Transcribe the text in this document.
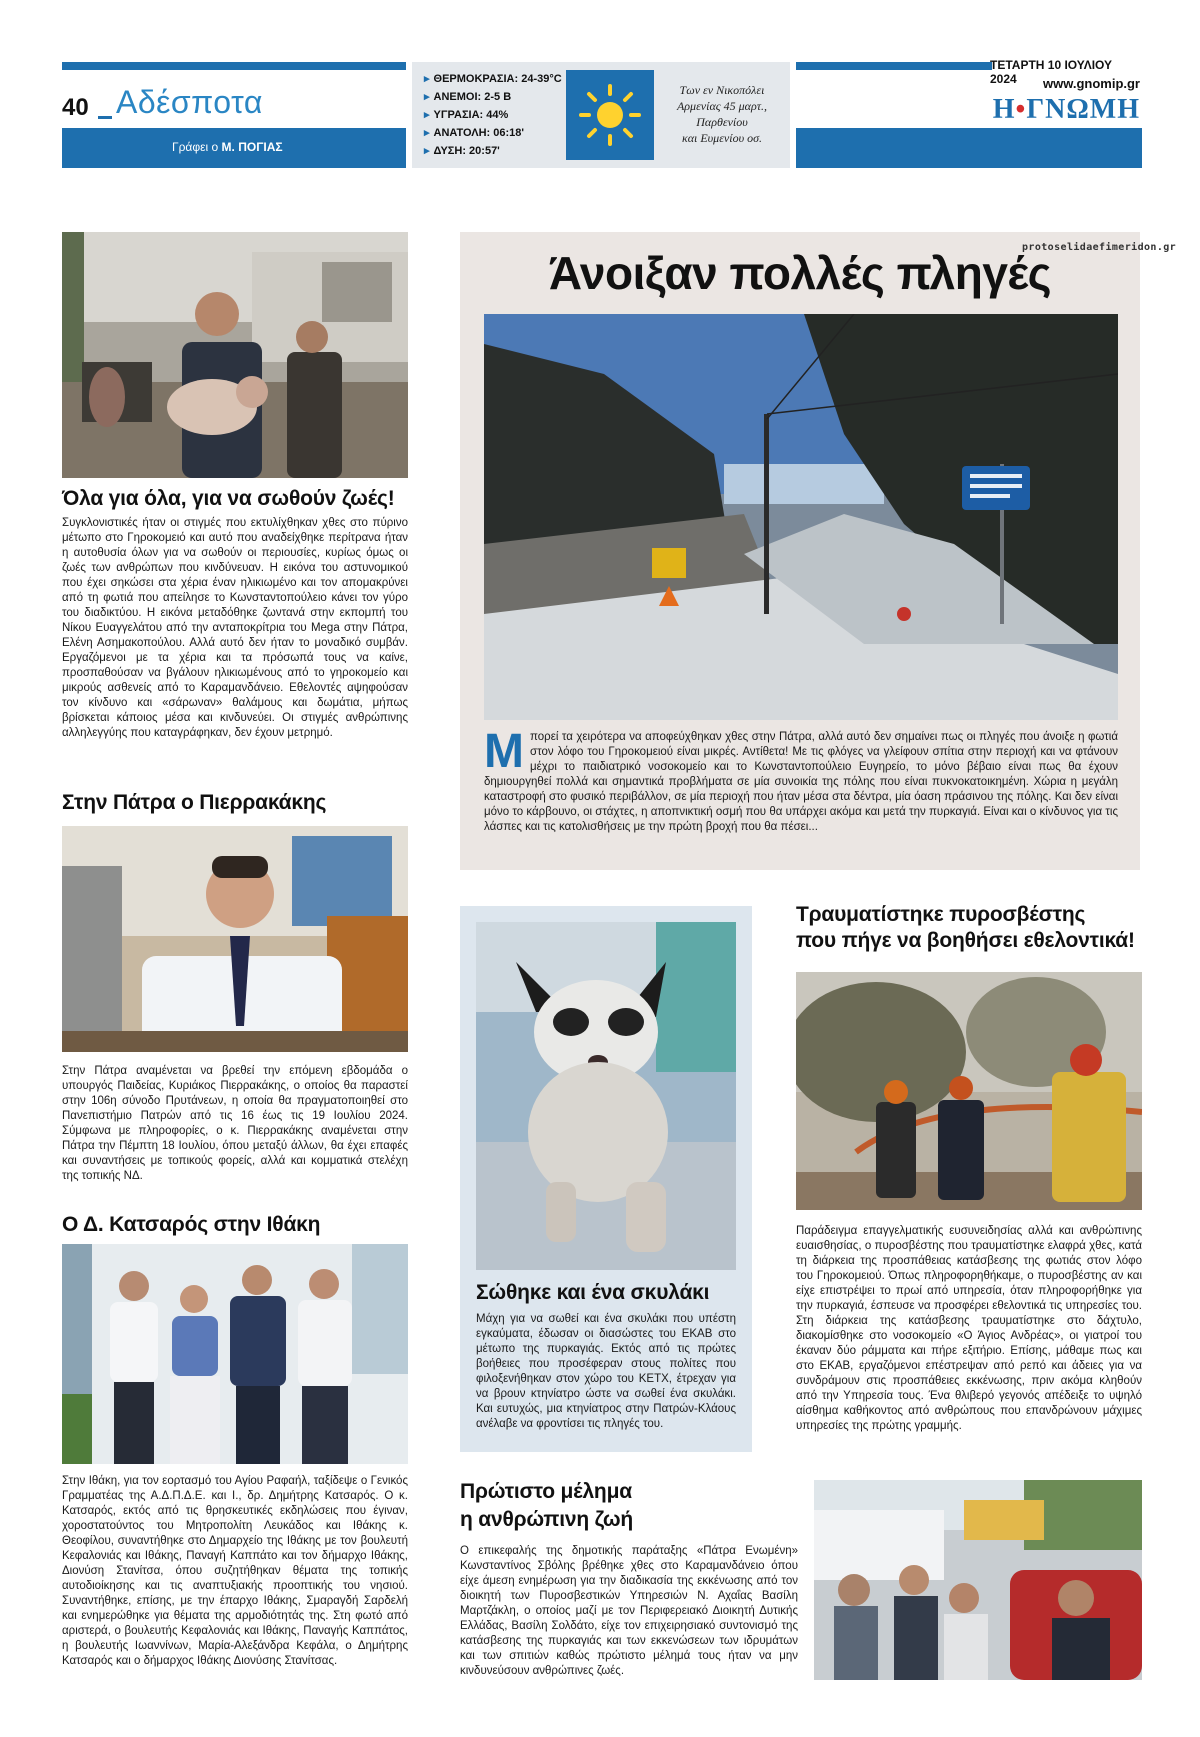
40 Αδέσποτα
Γράφει ο Μ. ΠΟΓΙΑΣ
▸ ΘΕΡΜΟΚΡΑΣΙΑ: 24-39°C
▸ ΑΝΕΜΟΙ: 2-5 Β
▸ ΥΓΡΑΣΙΑ: 44%
▸ ΑΝΑΤΟΛΗ: 06:18'
▸ ΔΥΣΗ: 20:57'
Των εν Νικοπόλει
Αρμενίας 45 μαρτ.,
Παρθενίου
και Ευμενίου οσ.
ΤΕΤΑΡΤΗ 10 ΙΟΥΛΙΟΥ 2024	www.gnomip.gr
Η•ΓΝΩΜΗ
Όλα για όλα, για να σωθούν ζωές!
Συγκλονιστικές ήταν οι στιγμές που εκτυλίχθηκαν χθες στο πύρινο μέτωπο στο Γηροκομειό και αυτό που αναδείχθηκε περίτρανα ήταν η αυτοθυσία όλων για να σωθούν οι περιουσίες, κυρίως όμως οι ζωές των ανθρώπων που κινδύνευαν. Η εικόνα του αστυνομικού που έχει σηκώσει στα χέρια έναν ηλικιωμένο και τον απομακρύνει από τη φωτιά που απείλησε το Κωνσταντοπούλειο κάνει τον γύρο του διαδικτύου. Η εικόνα μεταδόθηκε ζωντανά στην εκπομπή του Νίκου Ευαγγελάτου από την ανταποκρίτρια του Mega στην Πάτρα, Ελένη Ασημακοπούλου. Αλλά αυτό δεν ήταν το μοναδικό συμβάν. Εργαζόμενοι με τα χέρια και τα πρόσωπά τους να καίνε, προσπαθούσαν να βγάλουν ηλικιωμένους από το γηροκομείο και μικρούς ασθενείς από το Καραμανδάνειο. Εθελοντές αψηφούσαν τον κίνδυνο και «σάρωναν» θαλάμους και δωμάτια, μήπως βρίσκεται κάποιος μέσα και κινδυνεύει. Οι στιγμές ανθρώπινης αλληλεγγύης που καταγράφηκαν, δεν έχουν μετρημό.
Στην Πάτρα ο Πιερρακάκης
Στην Πάτρα αναμένεται να βρεθεί την επόμενη εβδομάδα ο υπουργός Παιδείας, Κυριάκος Πιερρακάκης, ο οποίος θα παραστεί στην 106η σύνοδο Πρυτάνεων, η οποία θα πραγματοποιηθεί στο Πανεπιστήμιο Πατρών από τις 16 έως τις 19 Ιουλίου 2024. Σύμφωνα με πληροφορίες, ο κ. Πιερρακάκης αναμένεται στην Πάτρα την Πέμπτη 18 Ιουλίου, όπου μεταξύ άλλων, θα έχει επαφές και συναντήσεις με τοπικούς φορείς, αλλά και κομματικά στελέχη της τοπικής ΝΔ.
Ο Δ. Κατσαρός στην Ιθάκη
Στην Ιθάκη, για τον εορτασμό του Αγίου Ραφαήλ, ταξίδεψε ο Γενικός Γραμματέας της Α.Δ.Π.Δ.Ε. και Ι., δρ. Δημήτρης Κατσαρός. Ο κ. Κατσαρός, εκτός από τις θρησκευτικές εκδηλώσεις που έγιναν, χοροστατούντος του Μητροπολίτη Λευκάδος και Ιθάκης κ. Θεοφίλου, συναντήθηκε στο Δημαρχείο της Ιθάκης με τον βουλευτή Κεφαλονιάς και Ιθάκης, Παναγή Καππάτο και τον δήμαρχο Ιθάκης, Διονύση Στανίτσα, όπου συζητήθηκαν θέματα της τοπικής αυτοδιοίκησης και τις αναπτυξιακής προοπτικής του νησιού. Συναντήθηκε, επίσης, με την έπαρχο Ιθάκης, Σμαραγδή Σαρδελή και ενημερώθηκε για θέματα της αρμοδιότητάς της. Στη φωτό από αριστερά, ο βουλευτής Κεφαλονιάς και Ιθάκης, Παναγής Καππάτος, η βουλευτής Ιωαννίνων, Μαρία-Αλεξάνδρα Κεφάλα, ο Δημήτρης Κατσαρός και ο δήμαρχος Ιθάκης Διονύσης Στανίτσας.
protoselidaefimeridon.gr
Άνοιξαν πολλές πληγές
Μπορεί τα χειρότερα να αποφεύχθηκαν χθες στην Πάτρα, αλλά αυτό δεν σημαίνει πως οι πληγές που άνοιξε η φωτιά στον λόφο του Γηροκομειού είναι μικρές. Αντίθετα! Με τις φλόγες να γλείφουν σπίτια στην περιοχή και να φτάνουν μέχρι το παιδιατρικό νοσοκομείο και το Κωνσταντοπούλειο Ευγηρείο, το μόνο βέβαιο είναι πως θα έχουν δημιουργηθεί πολλά και σημαντικά προβλήματα σε μία συνοικία της πόλης που είναι πυκνοκατοικημένη. Χώρια η μεγάλη καταστροφή στο φυσικό περιβάλλον, σε μία περιοχή που ήταν μέσα στα δέντρα, μία όαση πράσινου της πόλης. Και δεν είναι μόνο το κάρβουνο, οι στάχτες, η αποπνικτική οσμή που θα υπάρχει ακόμα και μετά την πυρκαγιά. Είναι και ο κίνδυνος για τις λάσπες και τις κατολισθήσεις με την πρώτη βροχή που θα πέσει...
Σώθηκε και ένα σκυλάκι
Μάχη για να σωθεί και ένα σκυλάκι που υπέστη εγκαύματα, έδωσαν οι διασώστες του ΕΚΑΒ στο μέτωπο της πυρκαγιάς. Εκτός από τις πρώτες βοήθειες που προσέφεραν στους πολίτες που φιλοξενήθηκαν στον χώρο του ΚΕΤΧ, έτρεχαν για να βρουν κτηνίατρο ώστε να σωθεί ένα σκυλάκι. Και ευτυχώς, μια κτηνίατρος στην Πατρών-Κλάους ανέλαβε να φροντίσει τις πληγές του.
Τραυματίστηκε πυροσβέστης
που πήγε να βοηθήσει εθελοντικά!
Παράδειγμα επαγγελματικής ευσυνειδησίας αλλά και ανθρώπινης ευαισθησίας, ο πυροσβέστης που τραυματίστηκε ελαφρά χθες, κατά τη διάρκεια της προσπάθειας κατάσβεσης της φωτιάς στον λόφο του Γηροκομειού. Όπως πληροφορηθήκαμε, ο πυροσβέστης αν και είχε επιστρέψει το πρωί από υπηρεσία, όταν πληροφορήθηκε για την πυρκαγιά, έσπευσε να προσφέρει εθελοντικά τις υπηρεσίες του. Στη διάρκεια της κατάσβεσης τραυματίστηκε στο δάχτυλο, διακομίσθηκε στο νοσοκομείο «Ο Άγιος Ανδρέας», οι γιατροί του έκαναν δύο ράμματα και πήρε εξιτήριο. Επίσης, μάθαμε πως και στο ΕΚΑΒ, εργαζόμενοι επέστρεψαν από ρεπό και άδειες για να συνδράμουν στις προσπάθειες εκκένωσης, πριν ακόμα κληθούν από την Υπηρεσία τους. Ένα θλιβερό γεγονός απέδειξε το υψηλό αίσθημα καθήκοντος από ανθρώπους που επανδρώνουν μάχιμες υπηρεσίες της πρώτης γραμμής.
Πρώτιστο μέλημα
η ανθρώπινη ζωή
Ο επικεφαλής της δημοτικής παράταξης «Πάτρα Ενωμένη» Κωνσταντίνος Σβόλης βρέθηκε χθες στο Καραμανδάνειο όπου είχε άμεση ενημέρωση για την διαδικασία της εκκένωσης από τον διοικητή των Πυροσβεστικών Υπηρεσιών Ν. Αχαΐας Βασίλη Μαρτζάκλη, ο οποίος μαζί με τον Περιφερειακό Διοικητή Δυτικής Ελλάδας, Βασίλη Σολδάτο, είχε τον επιχειρησιακό συντονισμό της κατάσβεσης της πυρκαγιάς και των εκκενώσεων των ιδρυμάτων και των σπιτιών καθώς πρώτιστο μέλημά τους ήταν να μην κινδυνεύσουν ανθρώπινες ζωές.
